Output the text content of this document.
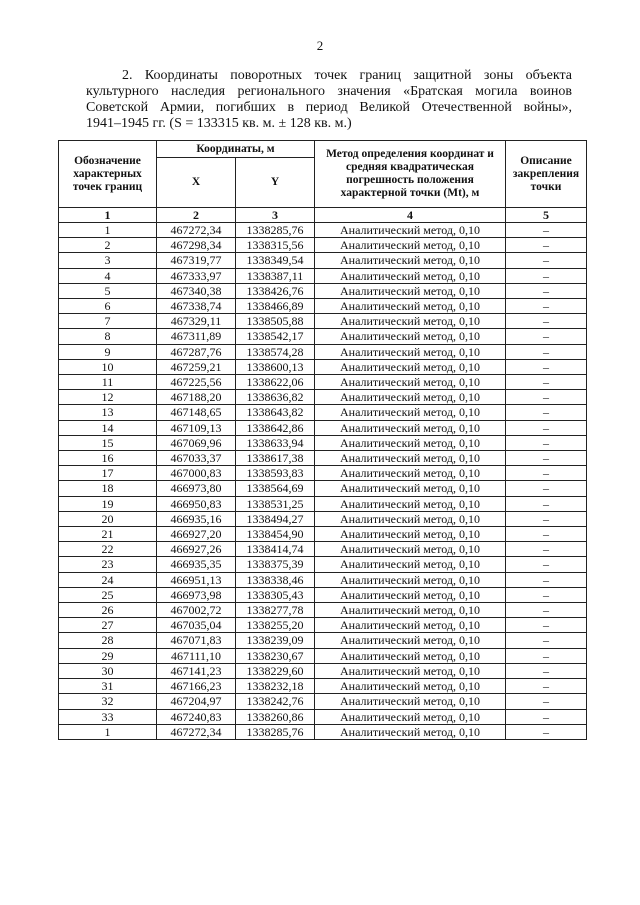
2
2. Координаты поворотных точек границ защитной зоны объекта
культурного наследия регионального значения «Братская могила воинов
Советской Армии, погибших в период Великой Отечественной войны»,
1941–1945 гг. (S = 133315 кв. м. ± 128 кв. м.)
Обозначение характерных точек границ	Координаты, м		Метод определения координат и средняя квадратическая погрешность положения характерной точки (Mt), м	Описание закрепления точки
	X	Y		
1	2	3	4	5
1	467272,34	1338285,76	Аналитический метод, 0,10	–
2	467298,34	1338315,56	Аналитический метод, 0,10	–
3	467319,77	1338349,54	Аналитический метод, 0,10	–
4	467333,97	1338387,11	Аналитический метод, 0,10	–
5	467340,38	1338426,76	Аналитический метод, 0,10	–
6	467338,74	1338466,89	Аналитический метод, 0,10	–
7	467329,11	1338505,88	Аналитический метод, 0,10	–
8	467311,89	1338542,17	Аналитический метод, 0,10	–
9	467287,76	1338574,28	Аналитический метод, 0,10	–
10	467259,21	1338600,13	Аналитический метод, 0,10	–
11	467225,56	1338622,06	Аналитический метод, 0,10	–
12	467188,20	1338636,82	Аналитический метод, 0,10	–
13	467148,65	1338643,82	Аналитический метод, 0,10	–
14	467109,13	1338642,86	Аналитический метод, 0,10	–
15	467069,96	1338633,94	Аналитический метод, 0,10	–
16	467033,37	1338617,38	Аналитический метод, 0,10	–
17	467000,83	1338593,83	Аналитический метод, 0,10	–
18	466973,80	1338564,69	Аналитический метод, 0,10	–
19	466950,83	1338531,25	Аналитический метод, 0,10	–
20	466935,16	1338494,27	Аналитический метод, 0,10	–
21	466927,20	1338454,90	Аналитический метод, 0,10	–
22	466927,26	1338414,74	Аналитический метод, 0,10	–
23	466935,35	1338375,39	Аналитический метод, 0,10	–
24	466951,13	1338338,46	Аналитический метод, 0,10	–
25	466973,98	1338305,43	Аналитический метод, 0,10	–
26	467002,72	1338277,78	Аналитический метод, 0,10	–
27	467035,04	1338255,20	Аналитический метод, 0,10	–
28	467071,83	1338239,09	Аналитический метод, 0,10	–
29	467111,10	1338230,67	Аналитический метод, 0,10	–
30	467141,23	1338229,60	Аналитический метод, 0,10	–
31	467166,23	1338232,18	Аналитический метод, 0,10	–
32	467204,97	1338242,76	Аналитический метод, 0,10	–
33	467240,83	1338260,86	Аналитический метод, 0,10	–
1	467272,34	1338285,76	Аналитический метод, 0,10	–
